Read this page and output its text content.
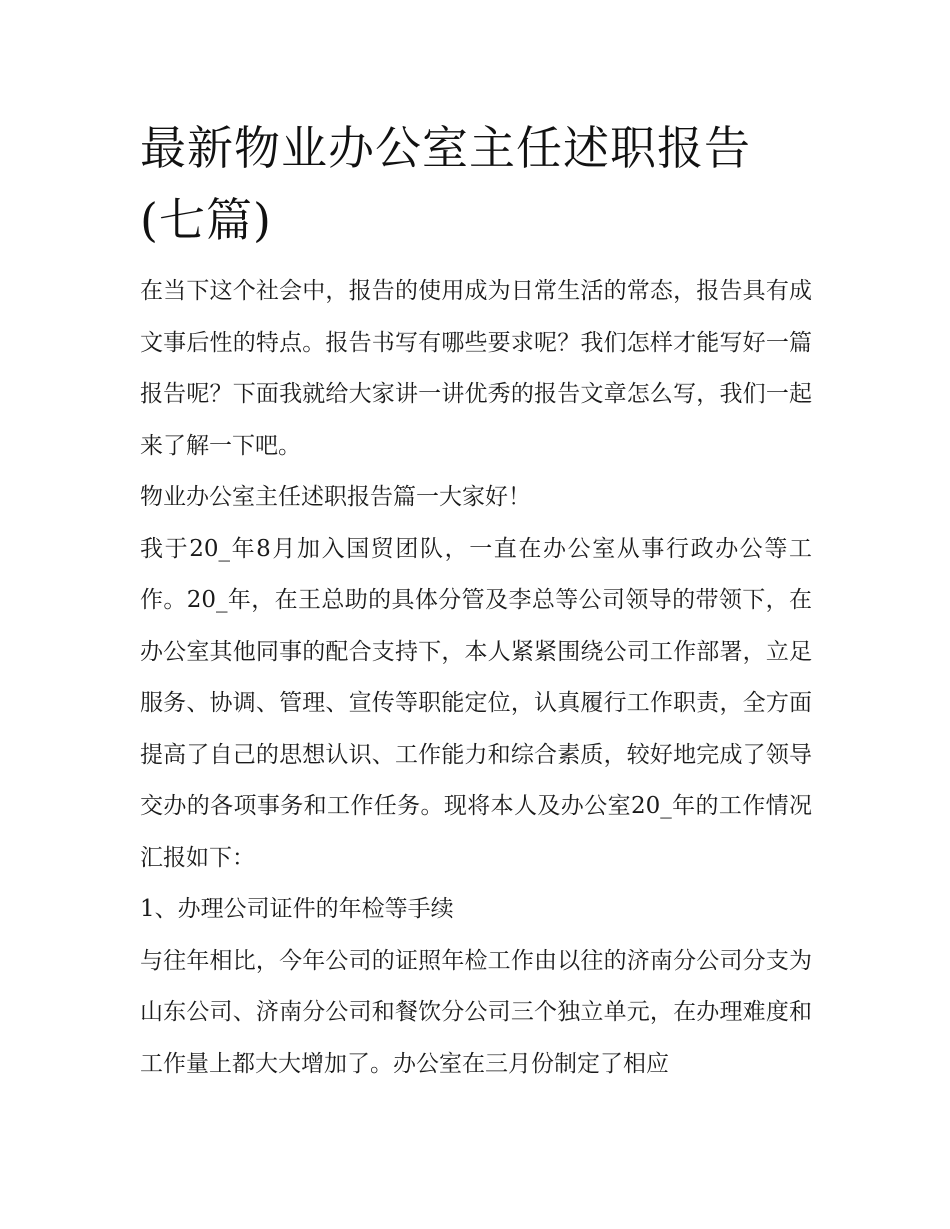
最新物业办公室主任述职报告(七篇)

在当下这个社会中，报告的使用成为日常生活的常态，报告具有成文事后性的特点。报告书写有哪些要求呢？我们怎样才能写好一篇报告呢？下面我就给大家讲一讲优秀的报告文章怎么写，我们一起来了解一下吧。

物业办公室主任述职报告篇一大家好！

我于20_年8月加入国贸团队，一直在办公室从事行政办公等工作。20_年，在王总助的具体分管及李总等公司领导的带领下，在办公室其他同事的配合支持下，本人紧紧围绕公司工作部署，立足服务、协调、管理、宣传等职能定位，认真履行工作职责，全方面提高了自己的思想认识、工作能力和综合素质，较好地完成了领导交办的各项事务和工作任务。现将本人及办公室20_年的工作情况汇报如下：

1、办理公司证件的年检等手续

与往年相比，今年公司的证照年检工作由以往的济南分公司分支为山东公司、济南分公司和餐饮分公司三个独立单元，在办理难度和工作量上都大大增加了。办公室在三月份制定了相应
